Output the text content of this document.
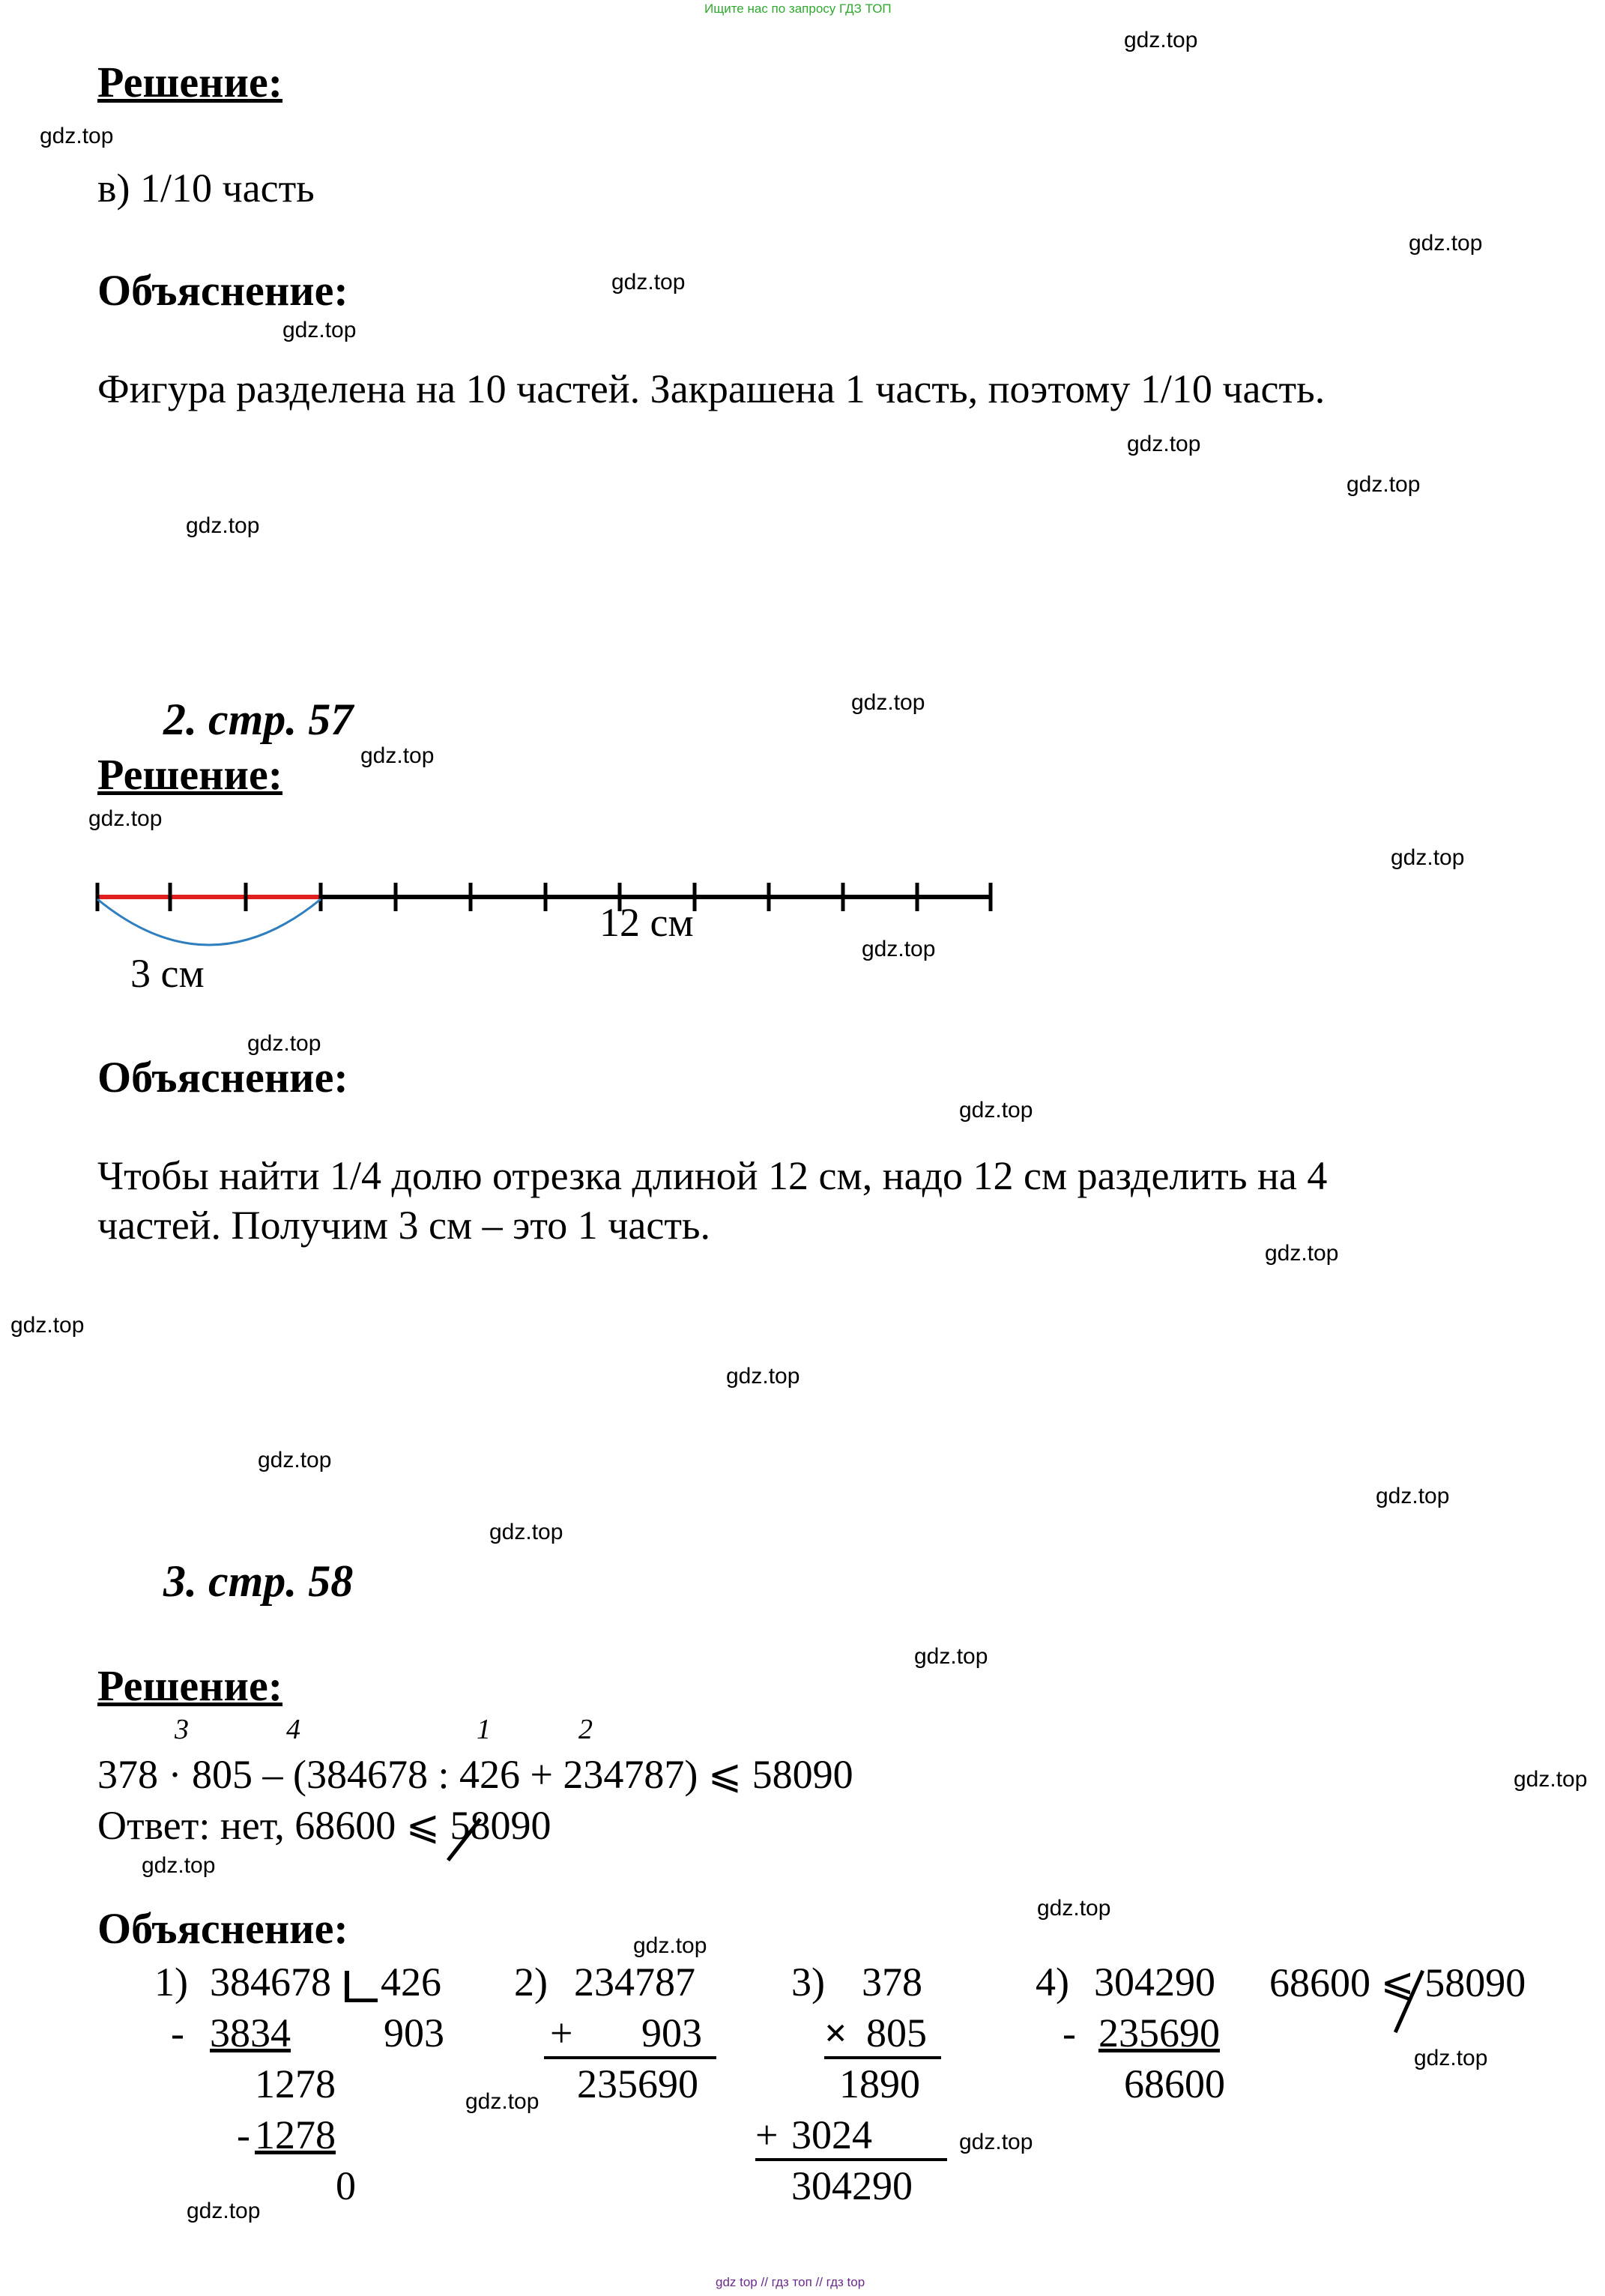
Ищите нас по запросу ГДЗ ТОП
gdz top // гдз топ // гдз top
gdz.top
gdz.top
gdz.top
gdz.top
gdz.top
gdz.top
gdz.top
gdz.top
gdz.top
gdz.top
gdz.top
gdz.top
gdz.top
gdz.top
gdz.top
gdz.top
gdz.top
gdz.top
gdz.top
gdz.top
gdz.top
gdz.top
gdz.top
gdz.top
gdz.top
gdz.top
gdz.top
gdz.top
gdz.top
gdz.top
Решение:
в) 1/10 часть
Объяснение:
Фигура разделена на 10 частей. Закрашена 1 часть, поэтому 1/10 часть.
2. стр. 57
Решение:
12 см
3 см
Объяснение:
Чтобы найти 1/4 долю отрезка длиной 12 см, надо 12 см разделить на 4
частей. Получим 3 см – это 1 часть.
3. стр. 58
Решение:
3	4	1	2
378 · 805 – (384678 : 426 + 234787) ⩽ 58090
Ответ: нет, 68600 ⩽ 58090
Объяснение:
1) 384678 426
- 3834 903
1278
- 1278
0
2) 234787
+ 903
235690
3) 378
× 805
1890
+ 3024
304290
4) 304290
- 235690
68600
68600 ⩽ 58090
